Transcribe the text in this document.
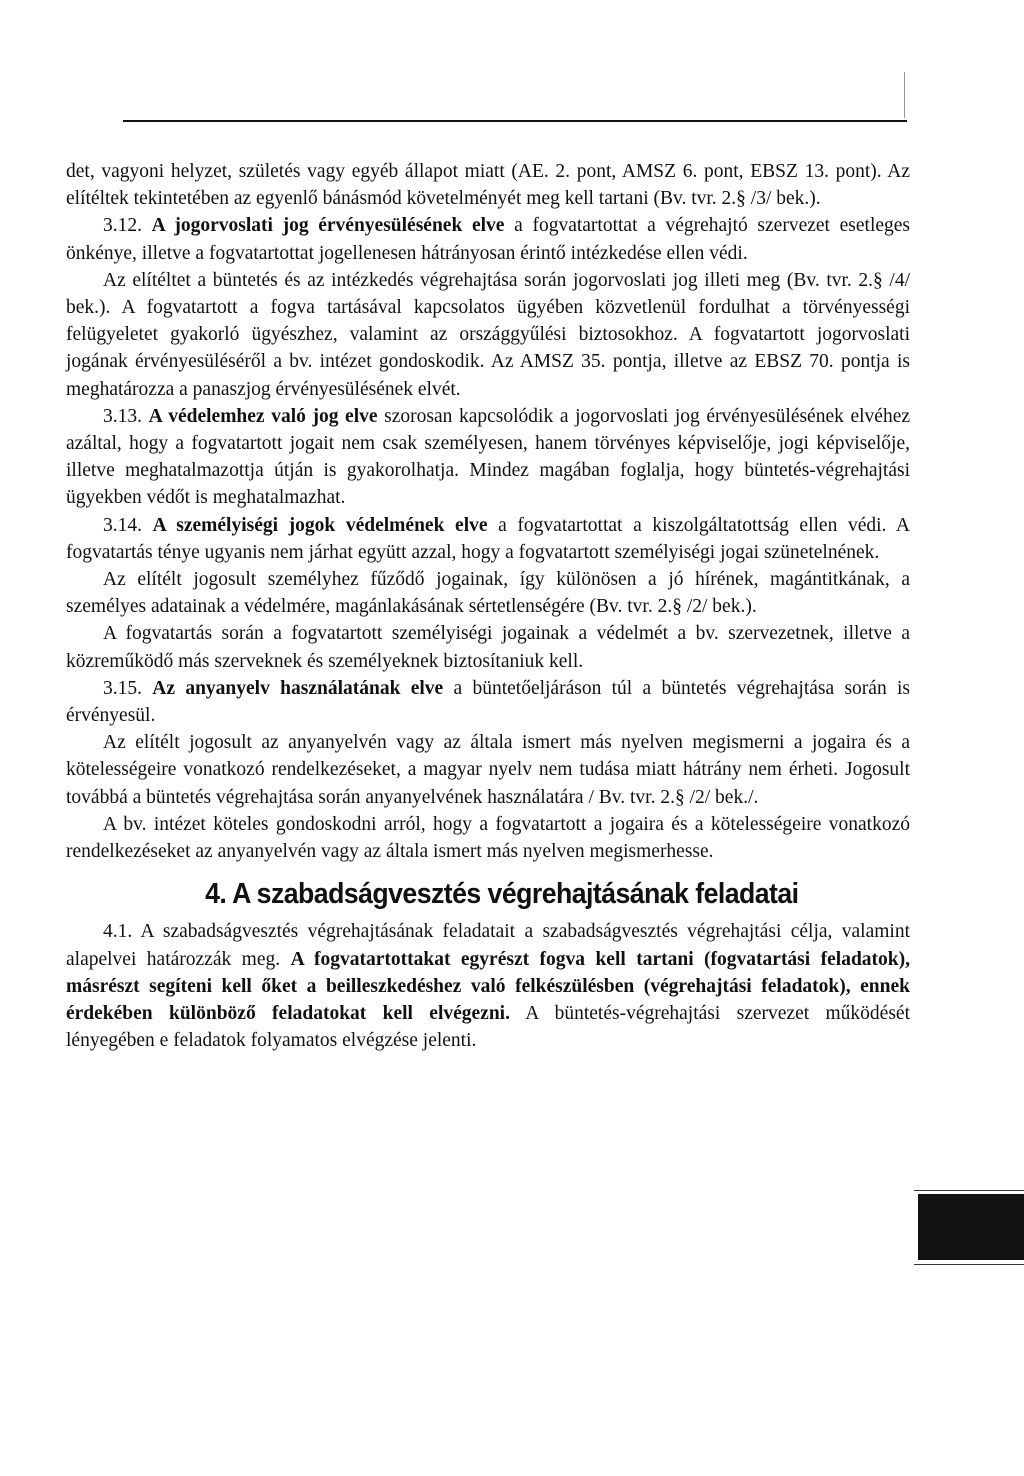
det, vagyoni helyzet, születés vagy egyéb állapot miatt (AE. 2. pont, AMSZ 6. pont, EBSZ 13. pont). Az elítéltek tekintetében az egyenlő bánásmód követelményét meg kell tartani (Bv. tvr. 2.§ /3/ bek.).

3.12. A jogorvoslati jog érvényesülésének elve a fogvatartottat a végrehajtó szervezet esetleges önkénye, illetve a fogvatartottat jogellenesen hátrányosan érintő intézkedése ellen védi.

Az elítéltet a büntetés és az intézkedés végrehajtása során jogorvoslati jog illeti meg (Bv. tvr. 2.§ /4/ bek.). A fogvatartott a fogva tartásával kapcsolatos ügyében közvetlenül fordulhat a törvényességi felügyeletet gyakorló ügyészhez, valamint az országgyűlési biztosokhoz. A fogvatartott jogorvoslati jogának érvényesüléséről a bv. intézet gondoskodik. Az AMSZ 35. pontja, illetve az EBSZ 70. pontja is meghatározza a panaszjog érvényesülésének elvét.

3.13. A védelemhez való jog elve szorosan kapcsolódik a jogorvoslati jog érvényesülésének elvéhez azáltal, hogy a fogvatartott jogait nem csak személyesen, hanem törvényes képviselője, jogi képviselője, illetve meghatalmazottja útján is gyakorolhatja. Mindez magában foglalja, hogy büntetés-végrehajtási ügyekben védőt is meghatalmazhat.

3.14. A személyiségi jogok védelmének elve a fogvatartottat a kiszolgáltatottság ellen védi. A fogvatartás ténye ugyanis nem járhat együtt azzal, hogy a fogvatartott személyiségi jogai szünetelnének.

Az elítélt jogosult személyhez fűződő jogainak, így különösen a jó hírének, magántitkának, a személyes adatainak a védelmére, magánlakásának sértetlenségére (Bv. tvr. 2.§ /2/ bek.).

A fogvatartás során a fogvatartott személyiségi jogainak a védelmét a bv. szervezetnek, illetve a közreműködő más szerveknek és személyeknek biztosítaniuk kell.

3.15. Az anyanyelv használatának elve a büntetőeljáráson túl a büntetés végrehajtása során is érvényesül.

Az elítélt jogosult az anyanyelvén vagy az általa ismert más nyelven megismerni a jogaira és a kötelességeire vonatkozó rendelkezéseket, a magyar nyelv nem tudása miatt hátrány nem érheti. Jogosult továbbá a büntetés végrehajtása során anyanyelvének használatára / Bv. tvr. 2.§ /2/ bek./.

A bv. intézet köteles gondoskodni arról, hogy a fogvatartott a jogaira és a kötelességeire vonatkozó rendelkezéseket az anyanyelvén vagy az általa ismert más nyelven megismerhesse.

4. A szabadságvesztés végrehajtásának feladatai

4.1. A szabadságvesztés végrehajtásának feladatait a szabadságvesztés végrehajtási célja, valamint alapelvei határozzák meg. A fogvatartottakat egyrészt fogva kell tartani (fogvatartási feladatok), másrészt segíteni kell őket a beilleszkedéshez való felkészülésben (végrehajtási feladatok), ennek érdekében különböző feladatokat kell elvégezni. A büntetés-végrehajtási szervezet működését lényegében e feladatok folyamatos elvégzése jelenti.
